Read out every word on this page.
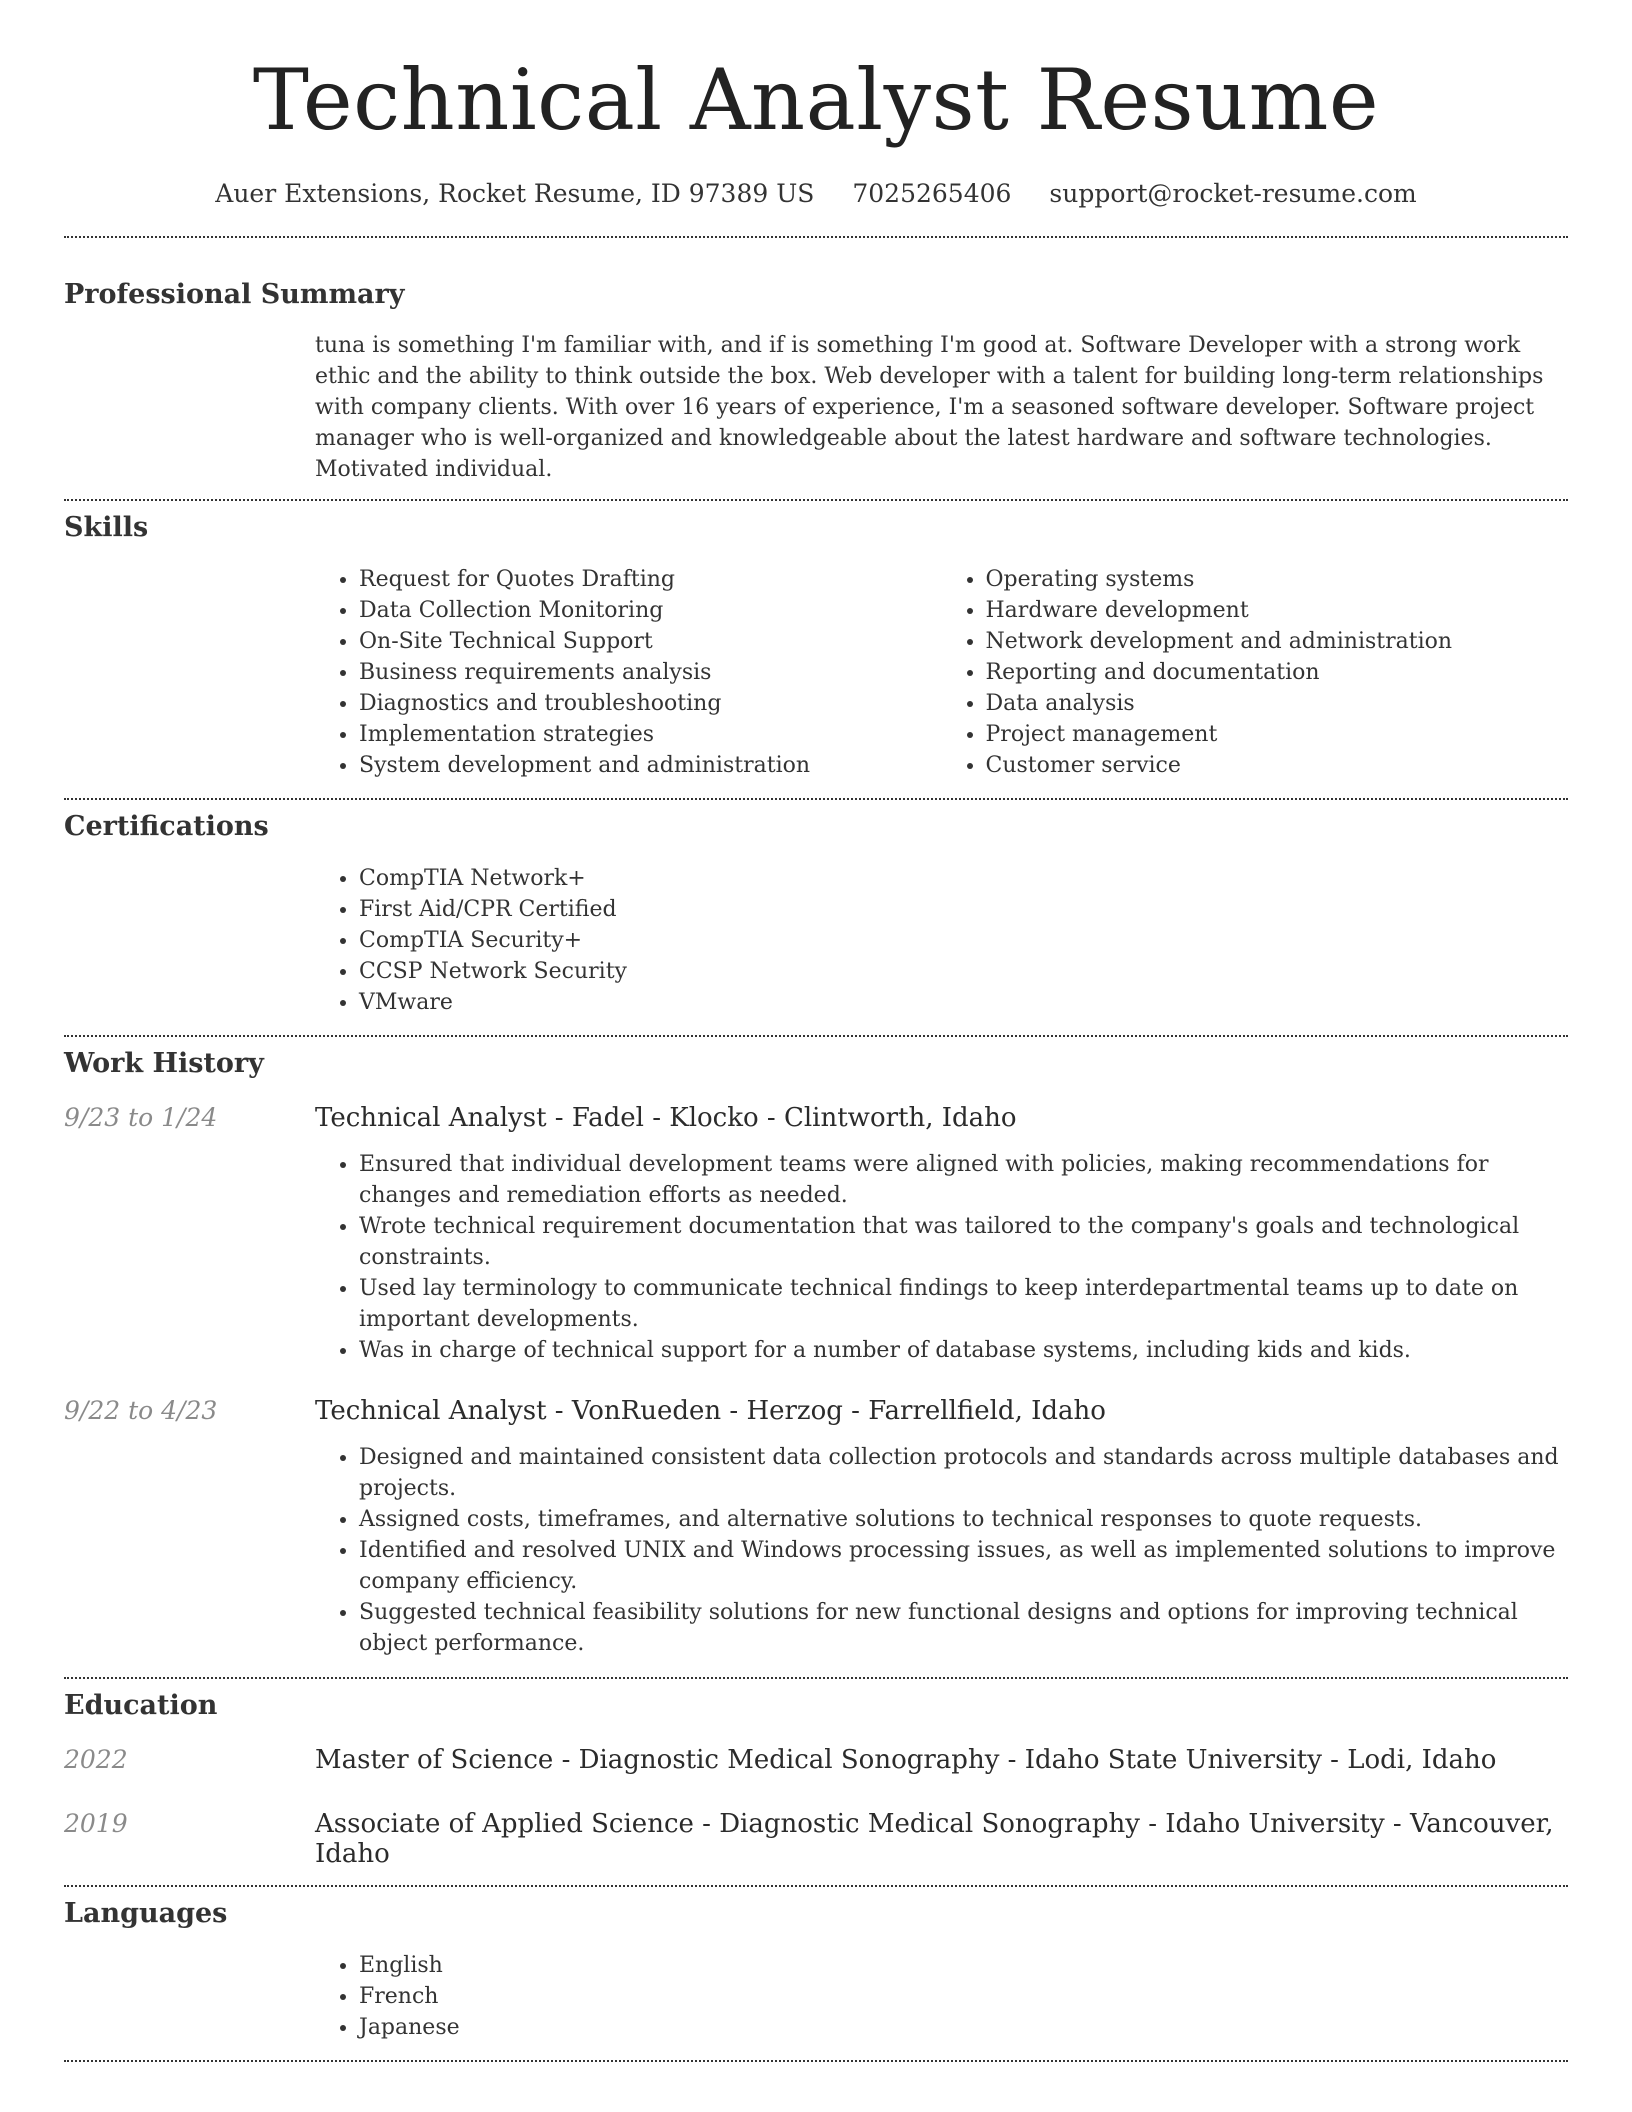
Technical Analyst Resume
Auer Extensions, Rocket Resume, ID 97389 US 7025265406 support@rocket-resume.com
Professional Summary

tuna is something I'm familiar with, and if is something I'm good at. Software Developer with a strong work ethic and the ability to think outside the box. Web developer with a talent for building long-term relationships with company clients. With over 16 years of experience, I'm a seasoned software developer. Software project manager who is well-organized and knowledgeable about the latest hardware and software technologies. Motivated individual.

Skills
• Request for Quotes Drafting
• Data Collection Monitoring
• On-Site Technical Support
• Business requirements analysis
• Diagnostics and troubleshooting
• Implementation strategies
• System development and administration
• Operating systems
• Hardware development
• Network development and administration
• Reporting and documentation
• Data analysis
• Project management
• Customer service
Certifications
• CompTIA Network+
• First Aid/CPR Certified
• CompTIA Security+
• CCSP Network Security
• VMware
Work History
9/23 to 1/24	Technical Analyst - Fadel - Klocko - Clintworth, Idaho
• Ensured that individual development teams were aligned with policies, making recommendations for changes and remediation efforts as needed.
• Wrote technical requirement documentation that was tailored to the company's goals and technological constraints.
• Used lay terminology to communicate technical findings to keep interdepartmental teams up to date on important developments.
• Was in charge of technical support for a number of database systems, including kids and kids.
9/22 to 4/23	Technical Analyst - VonRueden - Herzog - Farrellfield, Idaho
• Designed and maintained consistent data collection protocols and standards across multiple databases and projects.
• Assigned costs, timeframes, and alternative solutions to technical responses to quote requests.
• Identified and resolved UNIX and Windows processing issues, as well as implemented solutions to improve company efficiency.
• Suggested technical feasibility solutions for new functional designs and options for improving technical object performance.
Education
2022	Master of Science - Diagnostic Medical Sonography - Idaho State University - Lodi, Idaho
2019	Associate of Applied Science - Diagnostic Medical Sonography - Idaho University - Vancouver, Idaho
Languages
• English
• French
• Japanese
